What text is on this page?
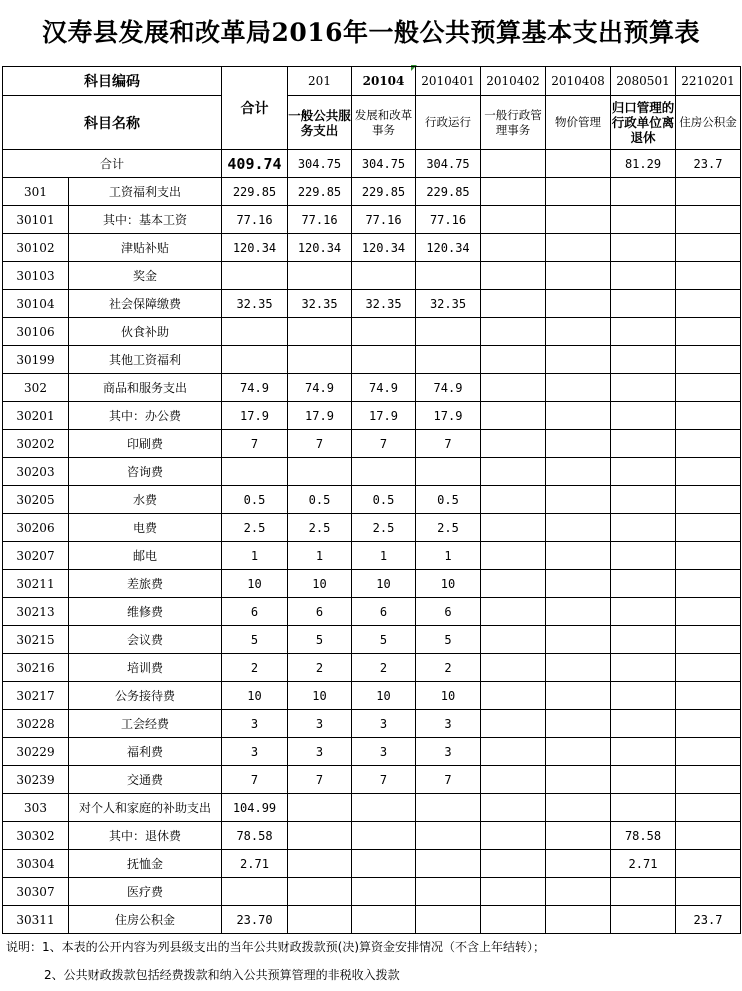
汉寿县发展和改革局2016年一般公共预算基本支出预算表
科目编码		合计	201	20104	2010401	2010402	2010408	2080501	2210201
科目名称			一般公共服务支出	发展和改革事务	行政运行	一般行政管理事务	物价管理	归口管理的行政单位离退休	住房公积金
合计		409.74	304.75	304.75	304.75			81.29	23.7
301	工资福利支出	229.85	229.85	229.85	229.85				
30101	其中：基本工资	77.16	77.16	77.16	77.16				
30102	津贴补贴	120.34	120.34	120.34	120.34				
30103	奖金								
30104	社会保障缴费	32.35	32.35	32.35	32.35				
30106	伙食补助								
30199	其他工资福利								
302	商品和服务支出	74.9	74.9	74.9	74.9				
30201	其中：办公费	17.9	17.9	17.9	17.9				
30202	印刷费	7	7	7	7				
30203	咨询费								
30205	水费	0.5	0.5	0.5	0.5				
30206	电费	2.5	2.5	2.5	2.5				
30207	邮电	1	1	1	1				
30211	差旅费	10	10	10	10				
30213	维修费	6	6	6	6				
30215	会议费	5	5	5	5				
30216	培训费	2	2	2	2				
30217	公务接待费	10	10	10	10				
30228	工会经费	3	3	3	3				
30229	福利费	3	3	3	3				
30239	交通费	7	7	7	7				
303	对个人和家庭的补助支出	104.99							
30302	其中：退休费	78.58						78.58	
30304	抚恤金	2.71						2.71	
30307	医疗费								
30311	住房公积金	23.70							23.7
说明：1、本表的公开内容为列县级支出的当年公共财政拨款预(决)算资金安排情况（不含上年结转）；
2、公共财政拨款包括经费拨款和纳入公共预算管理的非税收入拨款
